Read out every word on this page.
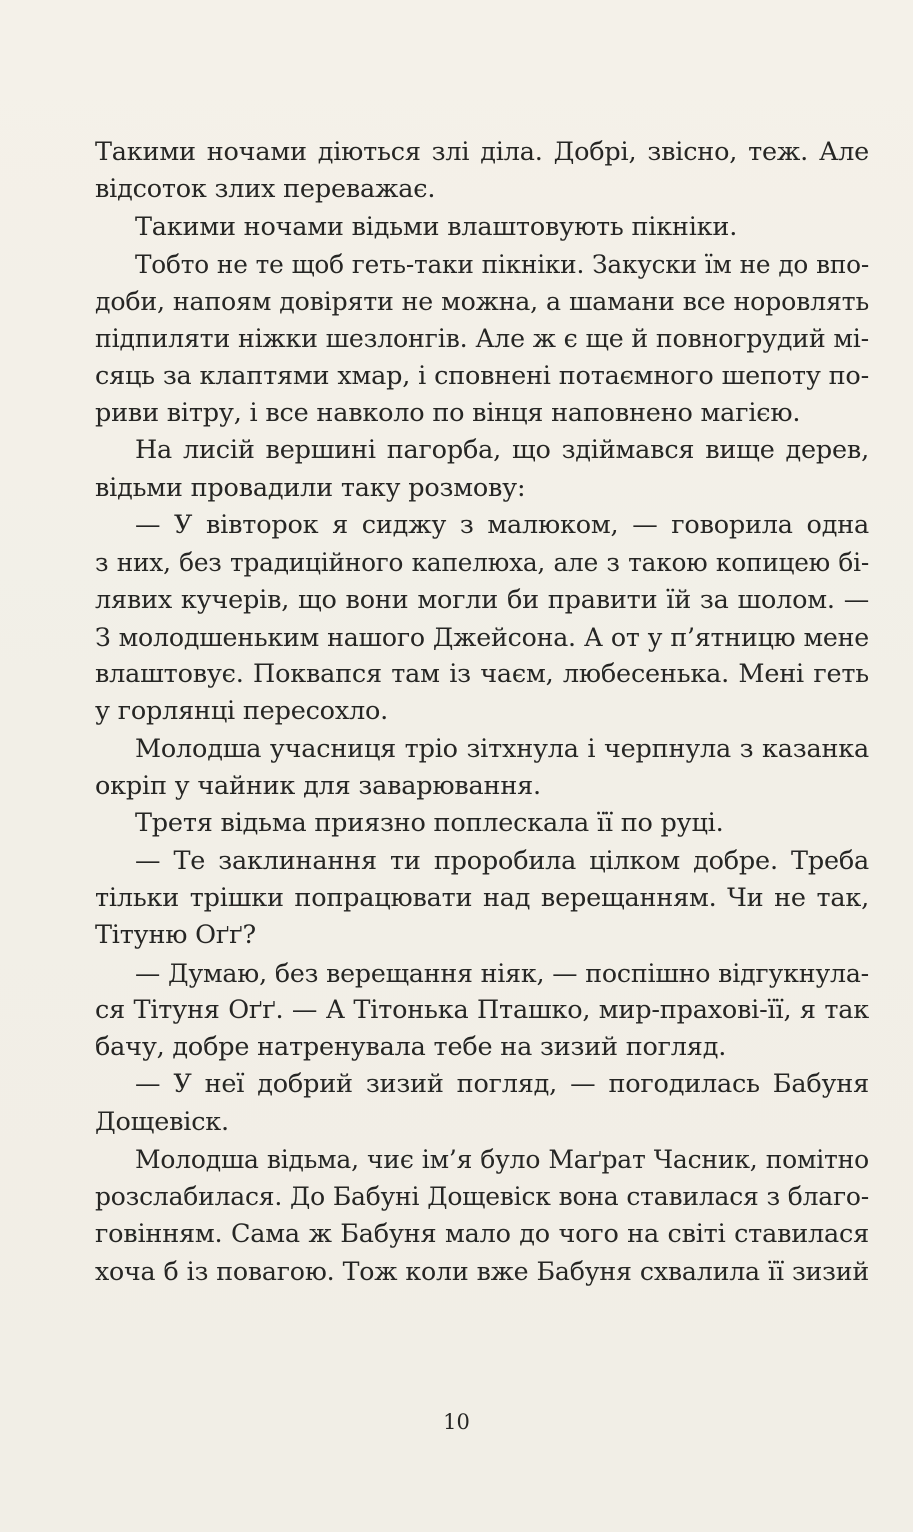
Такими ночами діються злі діла. Добрі, звісно, теж. Але
відсоток злих переважає.
Такими ночами відьми влаштовують пікніки.
Тобто не те щоб геть-таки пікніки. Закуски їм не до впо-
доби, напоям довіряти не можна, а шамани все норовлять
підпиляти ніжки шезлонгів. Але ж є ще й повногрудий мі-
сяць за клаптями хмар, і сповнені потаємного шепоту по-
риви вітру, і все навколо по вінця наповнено магією.
На лисій вершині пагорба, що здіймався вище дерев,
відьми провадили таку розмову:
— У вівторок я сиджу з малюком, — говорила одна
з них, без традиційного капелюха, але з такою копицею бі-
лявих кучерів, що вони могли би правити їй за шолом. —
З молодшеньким нашого Джейсона. А от у п’ятницю мене
влаштовує. Поквапся там із чаєм, любесенька. Мені геть
у горлянці пересохло.
Молодша учасниця тріо зітхнула і черпнула з казанка
окріп у чайник для заварювання.
Третя відьма приязно поплескала її по руці.
— Те заклинання ти проробила цілком добре. Треба
тільки трішки попрацювати над верещанням. Чи не так,
Тітуню Оґґ?
— Думаю, без верещання ніяк, — поспішно відгукнула-
ся Тітуня Оґґ. — А Тітонька Пташко, мир-прахові-її, я так
бачу, добре натренувала тебе на зизий погляд.
— У неї добрий зизий погляд, — погодилась Бабуня
Дощевіск.
Молодша відьма, чиє ім’я було Маґрат Часник, помітно
розслабилася. До Бабуні Дощевіск вона ставилася з благо-
говінням. Сама ж Бабуня мало до чого на світі ставилася
хоча б із повагою. Тож коли вже Бабуня схвалила її зизий
10
